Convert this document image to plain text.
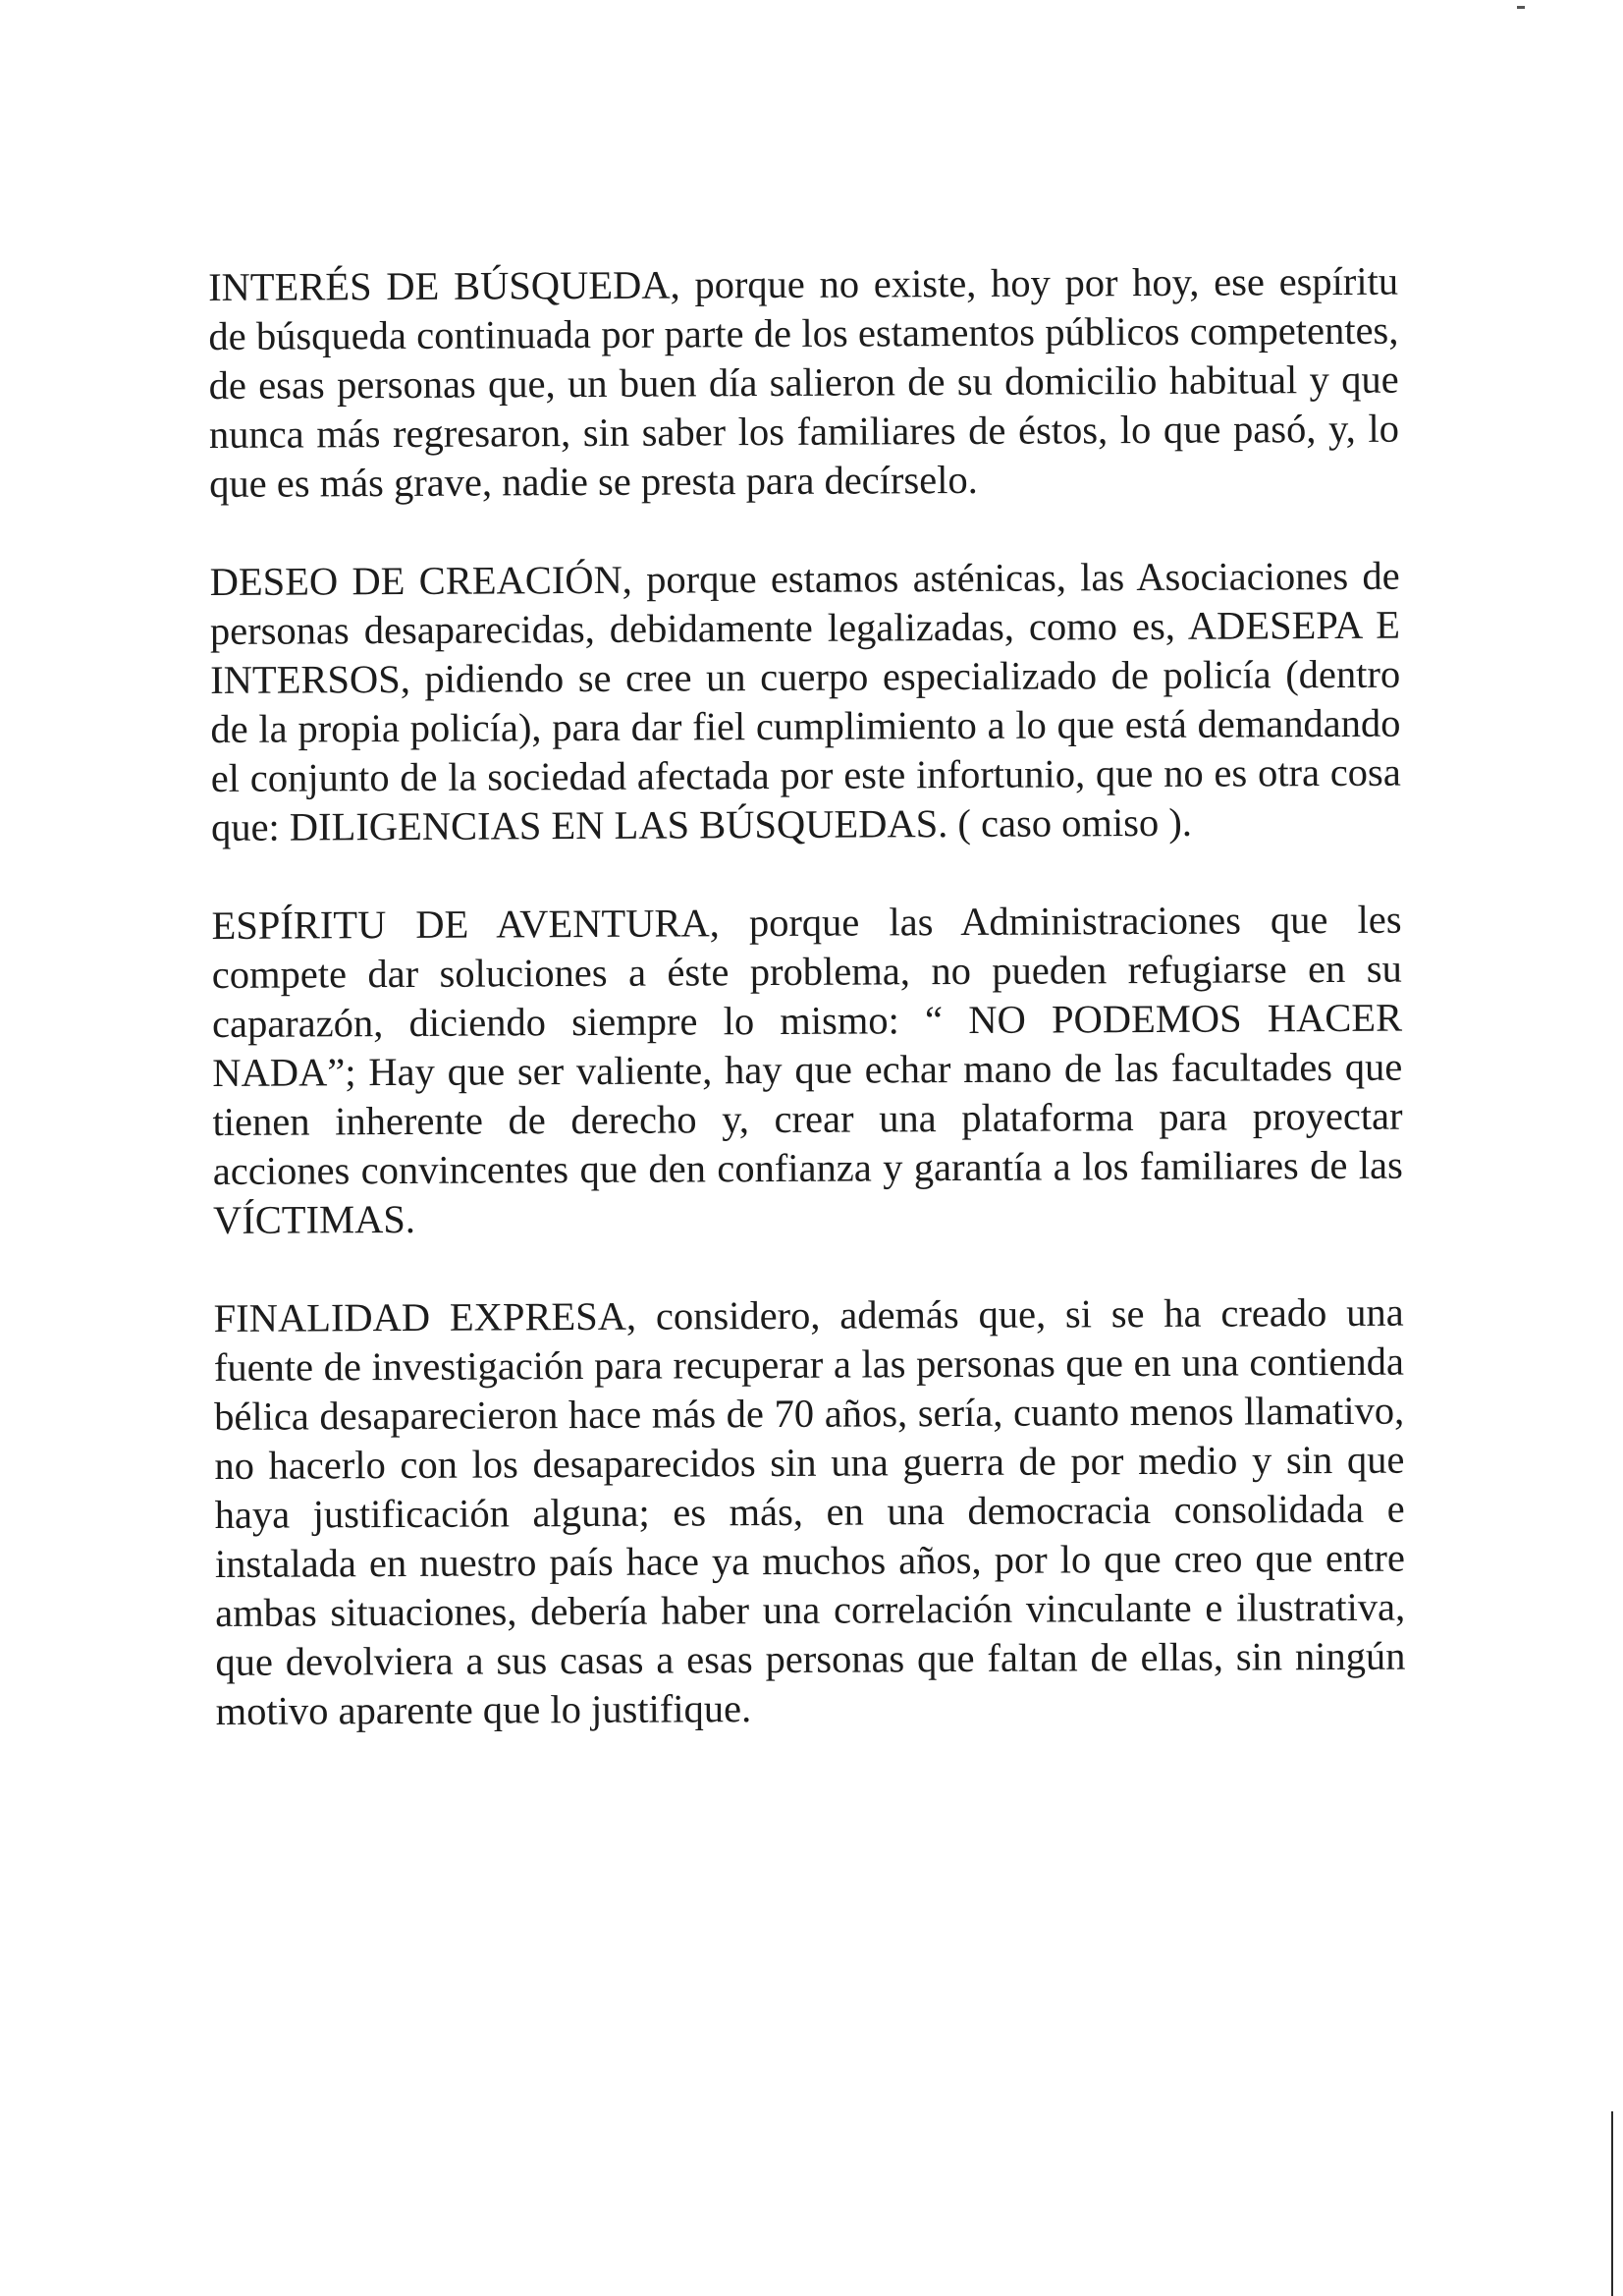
INTERÉS DE BÚSQUEDA, porque no existe, hoy por hoy, ese espíritu de búsqueda continuada por parte de los estamentos públicos competentes, de esas personas que, un buen día salieron de su domicilio habitual y que nunca más regresaron, sin saber los familiares de éstos, lo que pasó, y, lo que es más grave, nadie se presta para decírselo.

DESEO DE CREACIÓN, porque estamos asténicas, las Asociaciones de personas desaparecidas, debidamente legalizadas, como es, ADESEPA E INTERSOS, pidiendo se cree un cuerpo especializado de policía (dentro de la propia policía), para dar fiel cumplimiento a lo que está demandando el conjunto de la sociedad afectada por este infortunio, que no es otra cosa que: DILIGENCIAS EN LAS BÚSQUEDAS. ( caso omiso ).

ESPÍRITU DE AVENTURA, porque las Administraciones que les compete dar soluciones a éste problema, no pueden refugiarse en su caparazón, diciendo siempre lo mismo: “ NO PODEMOS HACER NADA”; Hay que ser valiente, hay que echar mano de las facultades que tienen inherente de derecho y, crear una plataforma para proyectar acciones convincentes que den confianza y garantía a los familiares de las VÍCTIMAS.

FINALIDAD EXPRESA, considero, además que, si se ha creado una fuente de investigación para recuperar a las personas que en una contienda bélica desaparecieron hace más de 70 años, sería, cuanto menos llamativo, no hacerlo con los desaparecidos sin una guerra de por medio y sin que haya justificación alguna; es más, en una democracia consolidada e instalada en nuestro país hace ya muchos años, por lo que creo que entre ambas situaciones, debería haber una correlación vinculante e ilustrativa, que devolviera a sus casas a esas personas que faltan de ellas, sin ningún motivo aparente que lo justifique.
